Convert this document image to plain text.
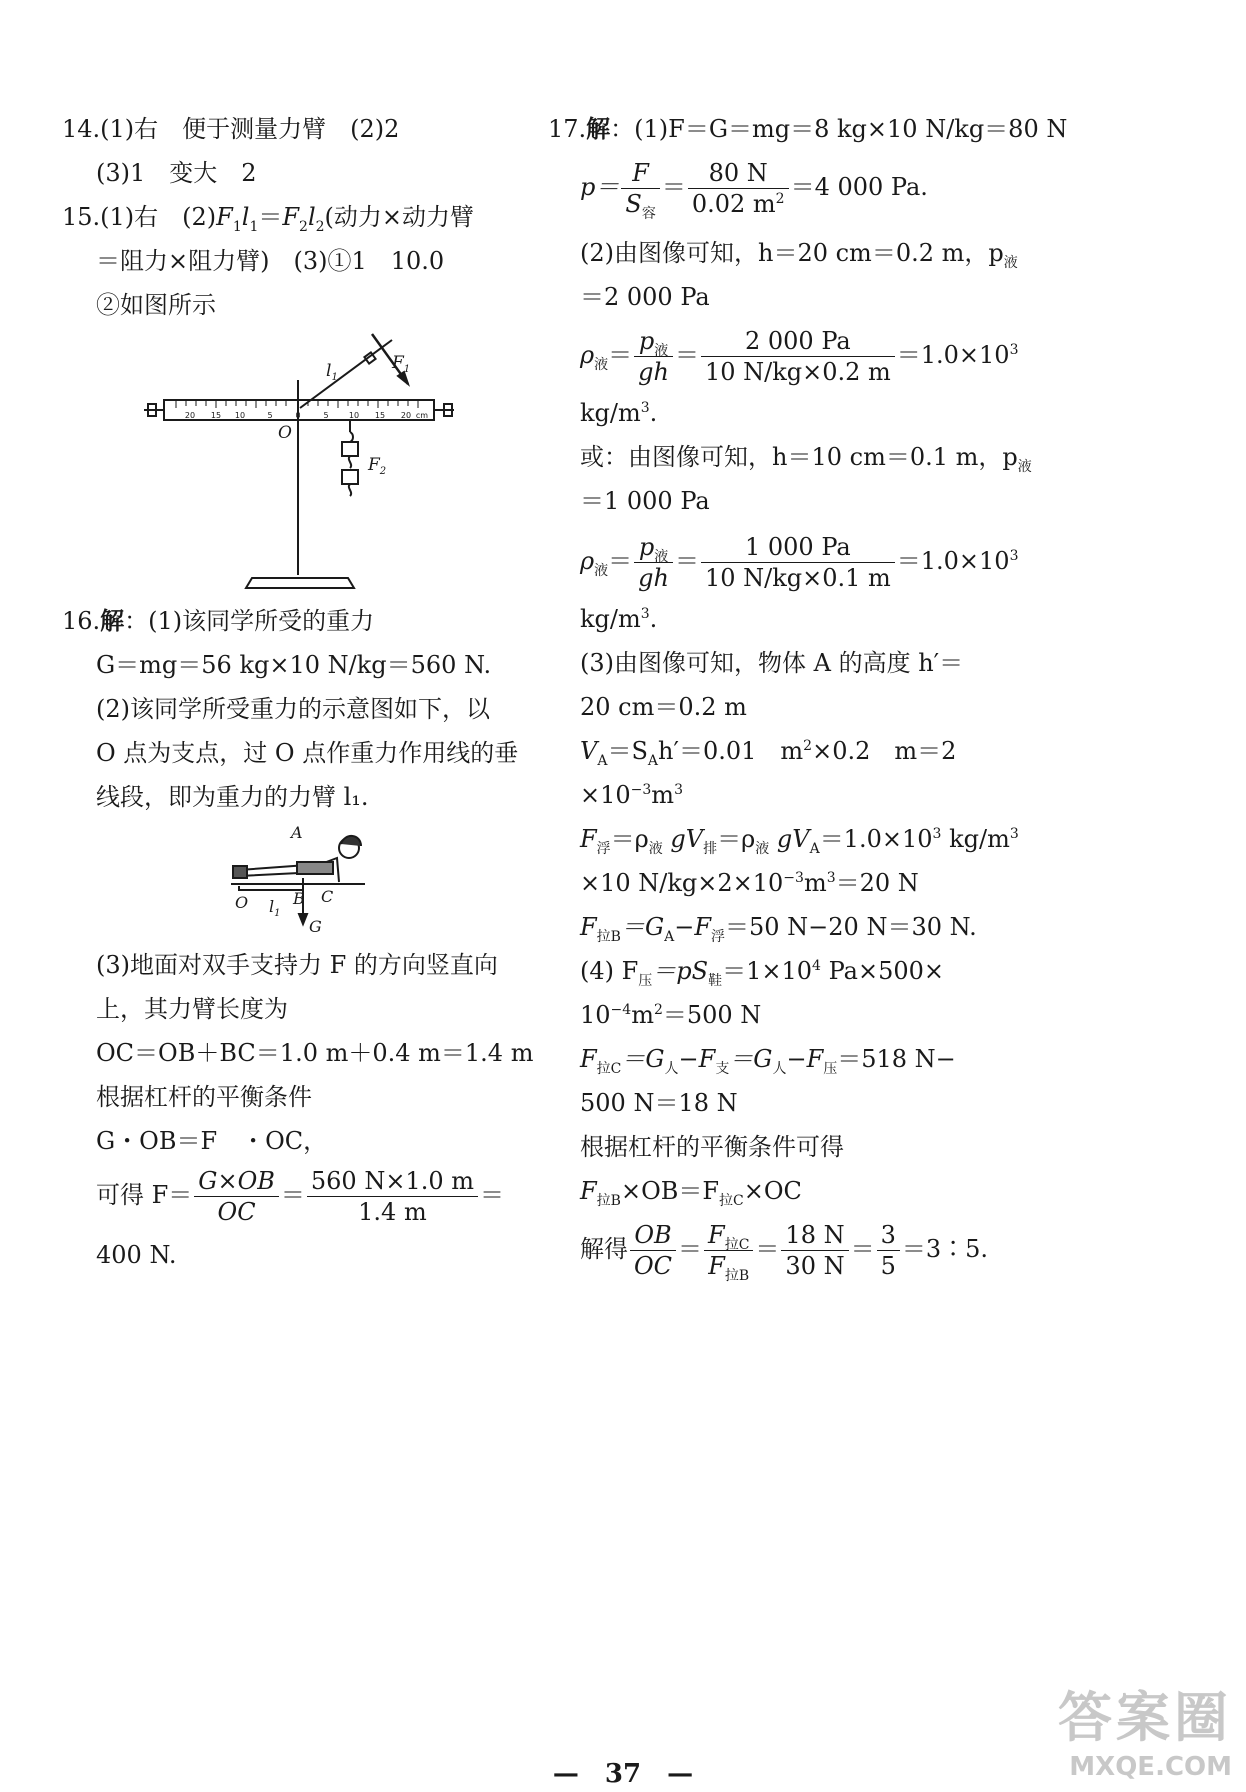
14.(1)右　便于测量力臂　(2)2
(3)1　变大　2
15.(1)右　$(2)F_1l_1=F_2l_2$(动力×动力臂
＝阻力×阻力臂)　(3)①1　10.0
②如图所示
20 15 10	5	0	5	10 15 20 cm
$l_1$
$F_1$
O
$F_2$
16.解：(1)该同学所受的重力
G＝mg＝56 kg×10 N/kg＝560 N.
(2)该同学所受重力的示意图如下，以
O 点为支点，过 O 点作重力作用线的垂
线段，即为重力的力臂 l₁.
A
O $l_1$
B C
G
(3)地面对双手支持力 F 的方向竖直向
上，其力臂长度为
OC＝OB＋BC＝1.0 m＋0.4 m＝1.4 m
根据杠杆的平衡条件
G・OB＝F　・OC，
可得 $F= \frac{G\times OB}{OC} = \frac{560 N\times 1.0 m}{1.4 m}$ ＝
400 N.
17.解：(1)F＝G＝mg＝8 kg×10 N/kg＝80 N
$p= \frac{F}{S_容} = \frac{80 N}{0.02 m^2} =4$ 000 Pa.
(2)由图像可知，h＝20 cm＝0.2 m，$p_液$
＝2 000 Pa
$\rho_液= \frac{p_液}{gh} = \frac{2 000 Pa}{10 N/kg\times 0.2 m} =1.0\times 10^3$
$kg/m^3$.
或：由图像可知，h＝10 cm＝0.1 m，$p_液$
＝1 000 Pa
$\rho_液= \frac{p_液}{gh} = \frac{1 000 Pa}{10 N/kg\times 0.1 m} =1.0\times 10^3$
$kg/m^3$.
(3)由图像可知，物体 A 的高度 h′＝
20 cm＝0.2 m
$V_A=S_Ah'=0.01$　$m^2\times 0.2$　m＝2
$\times 10^{-3}m^3$
$F_浮=\rho_液$ $gV_排=\rho_液$ $gV_A=1.0\times 10^3$ $kg/m^3$
×10 $N/kg\times 2\times 10^{-3}m^3=20$ N
$F_{拉B}=G_A-F_浮=50$ N−20 N＝30 N.
(4) $F_压=pS_鞋=1\times 10^4$ Pa×500×
$10^{-4}m^2=500$ N
$F_{拉C}=G_人-F_支=G_人-F_压=518$ N−
500 N＝18 N
根据杠杆的平衡条件可得
$F_{拉B}\times OB=F_{拉C}\times OC$
解得 $\frac{OB}{OC} = \frac{F_{拉C}}{F_{拉B}} = \frac{18 N}{30 N} = \frac{3}{5}$ ＝3∶5.
—　37　—
答案圈
MXQE.COM
